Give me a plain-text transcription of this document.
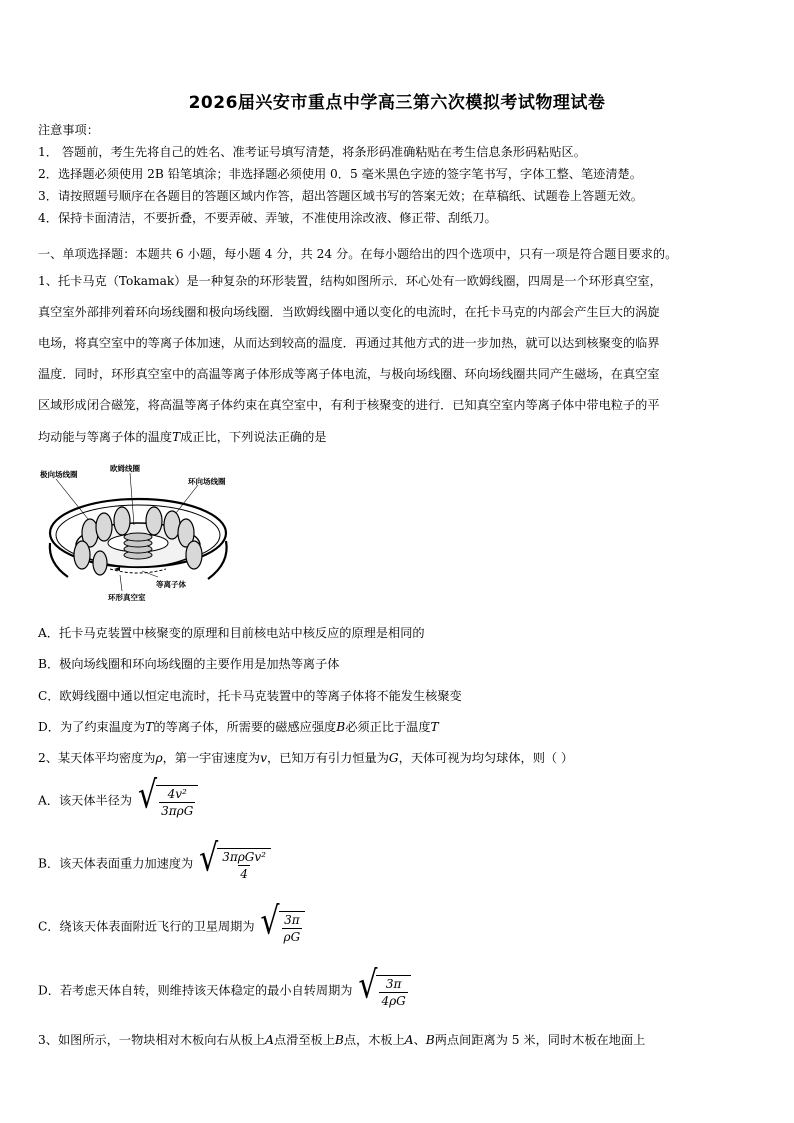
2026届兴安市重点中学高三第六次模拟考试物理试卷
注意事项：
1． 答题前，考生先将自己的姓名、准考证号填写清楚，将条形码准确粘贴在考生信息条形码粘贴区。
2．选择题必须使用 2B 铅笔填涂；非选择题必须使用 0．5 毫米黑色字迹的签字笔书写，字体工整、笔迹清楚。
3．请按照题号顺序在各题目的答题区域内作答，超出答题区域书写的答案无效；在草稿纸、试题卷上答题无效。
4．保持卡面清洁，不要折叠，不要弄破、弄皱，不准使用涂改液、修正带、刮纸刀。
一、单项选择题：本题共 6 小题，每小题 4 分，共 24 分。在每小题给出的四个选项中，只有一项是符合题目要求的。
1、托卡马克（Tokamak）是一种复杂的环形装置，结构如图所示．环心处有一欧姆线圈，四周是一个环形真空室，
真空室外部排列着环向场线圈和极向场线圈．当欧姆线圈中通以变化的电流时，在托卡马克的内部会产生巨大的涡旋
电场，将真空室中的等离子体加速，从而达到较高的温度．再通过其他方式的进一步加热，就可以达到核聚变的临界
温度．同时，环形真空室中的高温等离子体形成等离子体电流，与极向场线圈、环向场线圈共同产生磁场，在真空室
区域形成闭合磁笼，将高温等离子体约束在真空室中，有利于核聚变的进行．已知真空室内等离子体中带电粒子的平
均动能与等离子体的温度T成正比，下列说法正确的是
极向场线圈
欧姆线圈
环向场线圈
等离子体
环形真空室
A．托卡马克装置中核聚变的原理和目前核电站中核反应的原理是相同的
B．极向场线圈和环向场线圈的主要作用是加热等离子体
C．欧姆线圈中通以恒定电流时，托卡马克装置中的等离子体将不能发生核聚变
D．为了约束温度为T的等离子体，所需要的磁感应强度B必须正比于温度T
2、某天体平均密度为ρ，第一宇宙速度为v，已知万有引力恒量为G，天体可视为均匀球体，则（ ）
A．该天体半径为 √ $\frac{\text{4v²}}{\text{3πρG}}$
B．该天体表面重力加速度为 √ $\frac{\text{3πρGv²}}{4}$
C．绕该天体表面附近飞行的卫星周期为 √ $\frac{3\pi}{\rho G}$
D．若考虑天体自转，则维持该天体稳定的最小自转周期为 √ $\frac{3\pi}{4\rho G}$
3、如图所示，一物块相对木板向右从板上A点滑至板上B点，木板上A、B两点间距离为 5 米，同时木板在地面上
